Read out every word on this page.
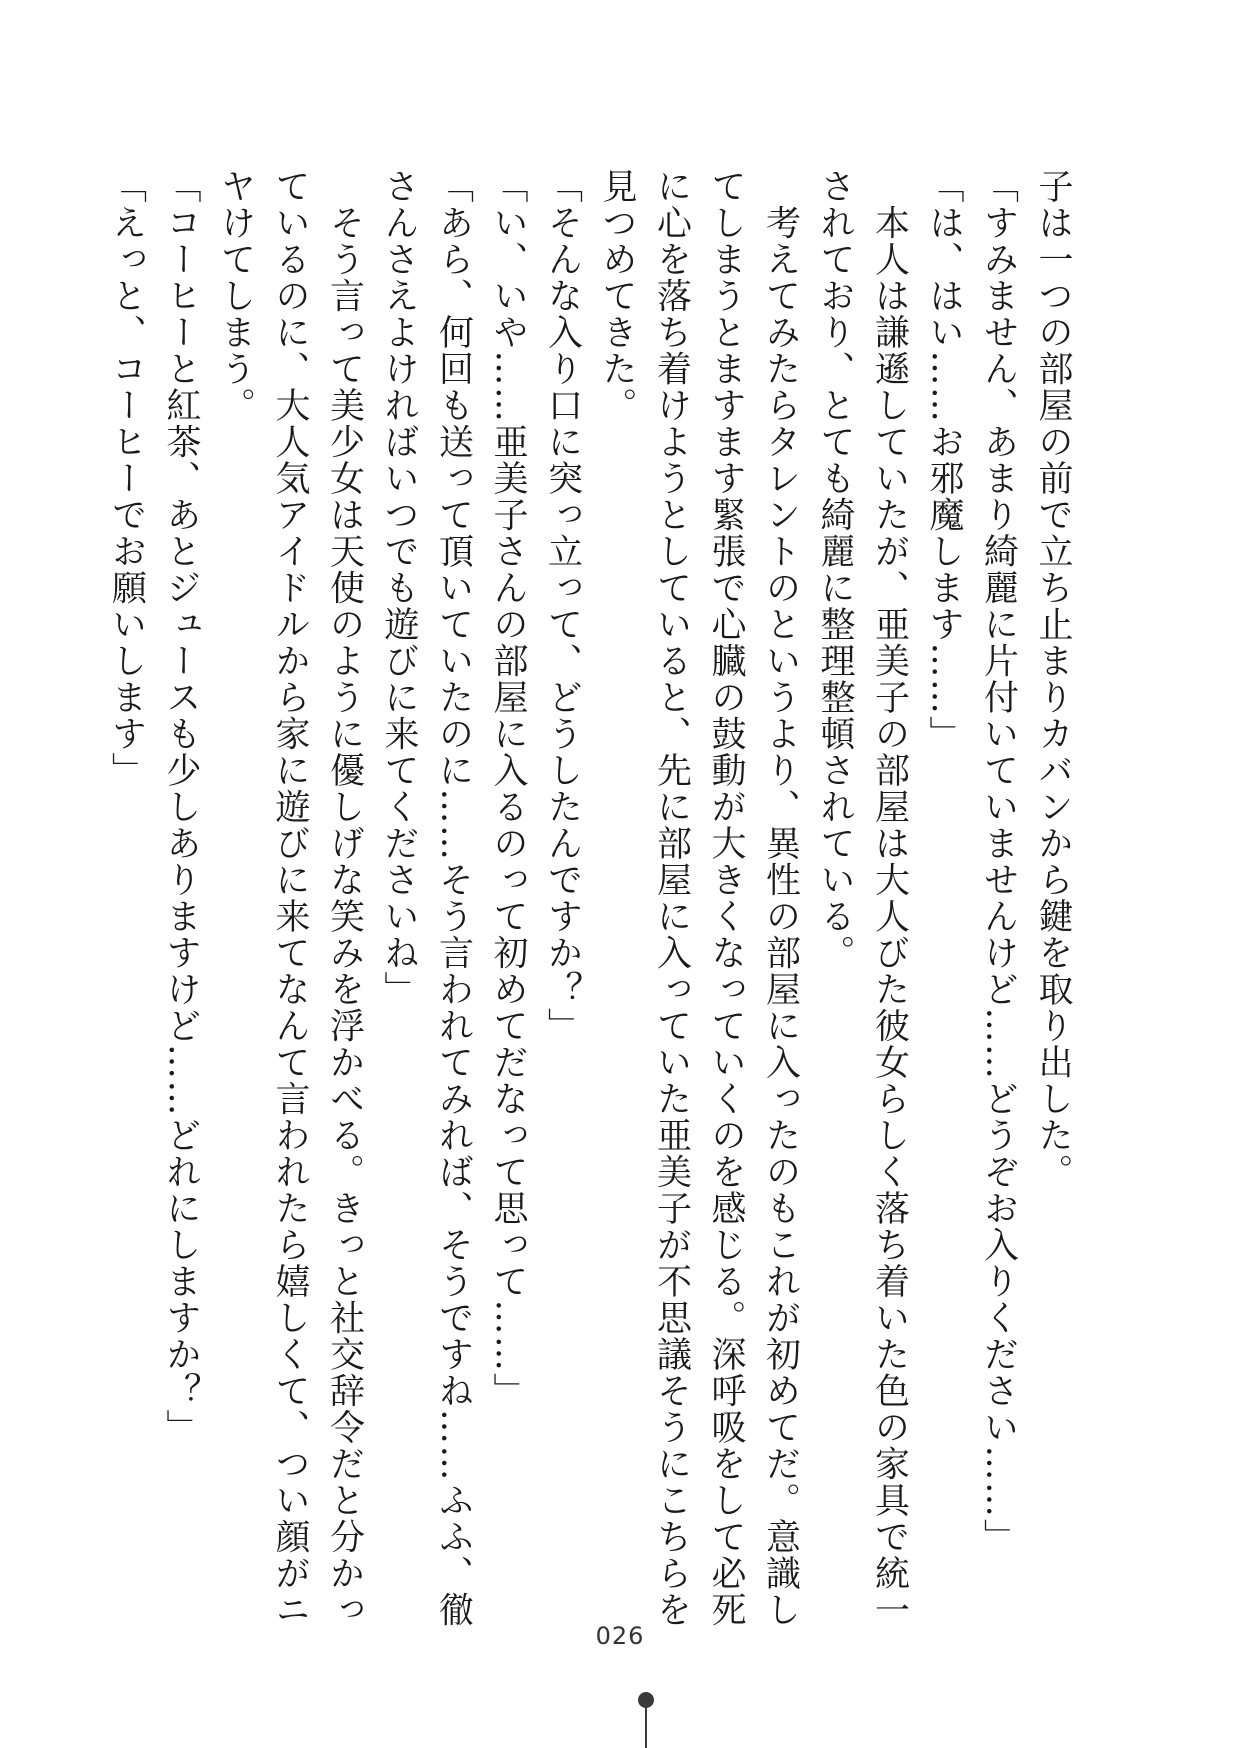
子は一つの部屋の前で立ち止まりカバンから鍵を取り出した。
「すみません、あまり綺麗に片付いていませんけど……どうぞお入りください……」
「は、はい……お邪魔します……」
　本人は謙遜していたが、亜美子の部屋は大人びた彼女らしく落ち着いた色の家具で統一
されており、とても綺麗に整理整頓されている。
　考えてみたらタレントのというより、異性の部屋に入ったのもこれが初めてだ。意識し
てしまうとますます緊張で心臓の鼓動が大きくなっていくのを感じる。深呼吸をして必死
に心を落ち着けようとしていると、先に部屋に入っていた亜美子が不思議そうにこちらを
見つめてきた。
「そんな入り口に突っ立って、どうしたんですか？」
「い、いや……亜美子さんの部屋に入るのって初めてだなって思って……」
「あら、何回も送って頂いていたのに……そう言われてみれば、そうですね……ふふ、徹
さんさえよければいつでも遊びに来てくださいね」
　そう言って美少女は天使のように優しげな笑みを浮かべる。きっと社交辞令だと分かっ
ているのに、大人気アイドルから家に遊びに来てなんて言われたら嬉しくて、つい顔がニ
ヤけてしまう。
「コーヒーと紅茶、あとジュースも少しありますけど……どれにしますか？」
「えっと、コーヒーでお願いします」
026
